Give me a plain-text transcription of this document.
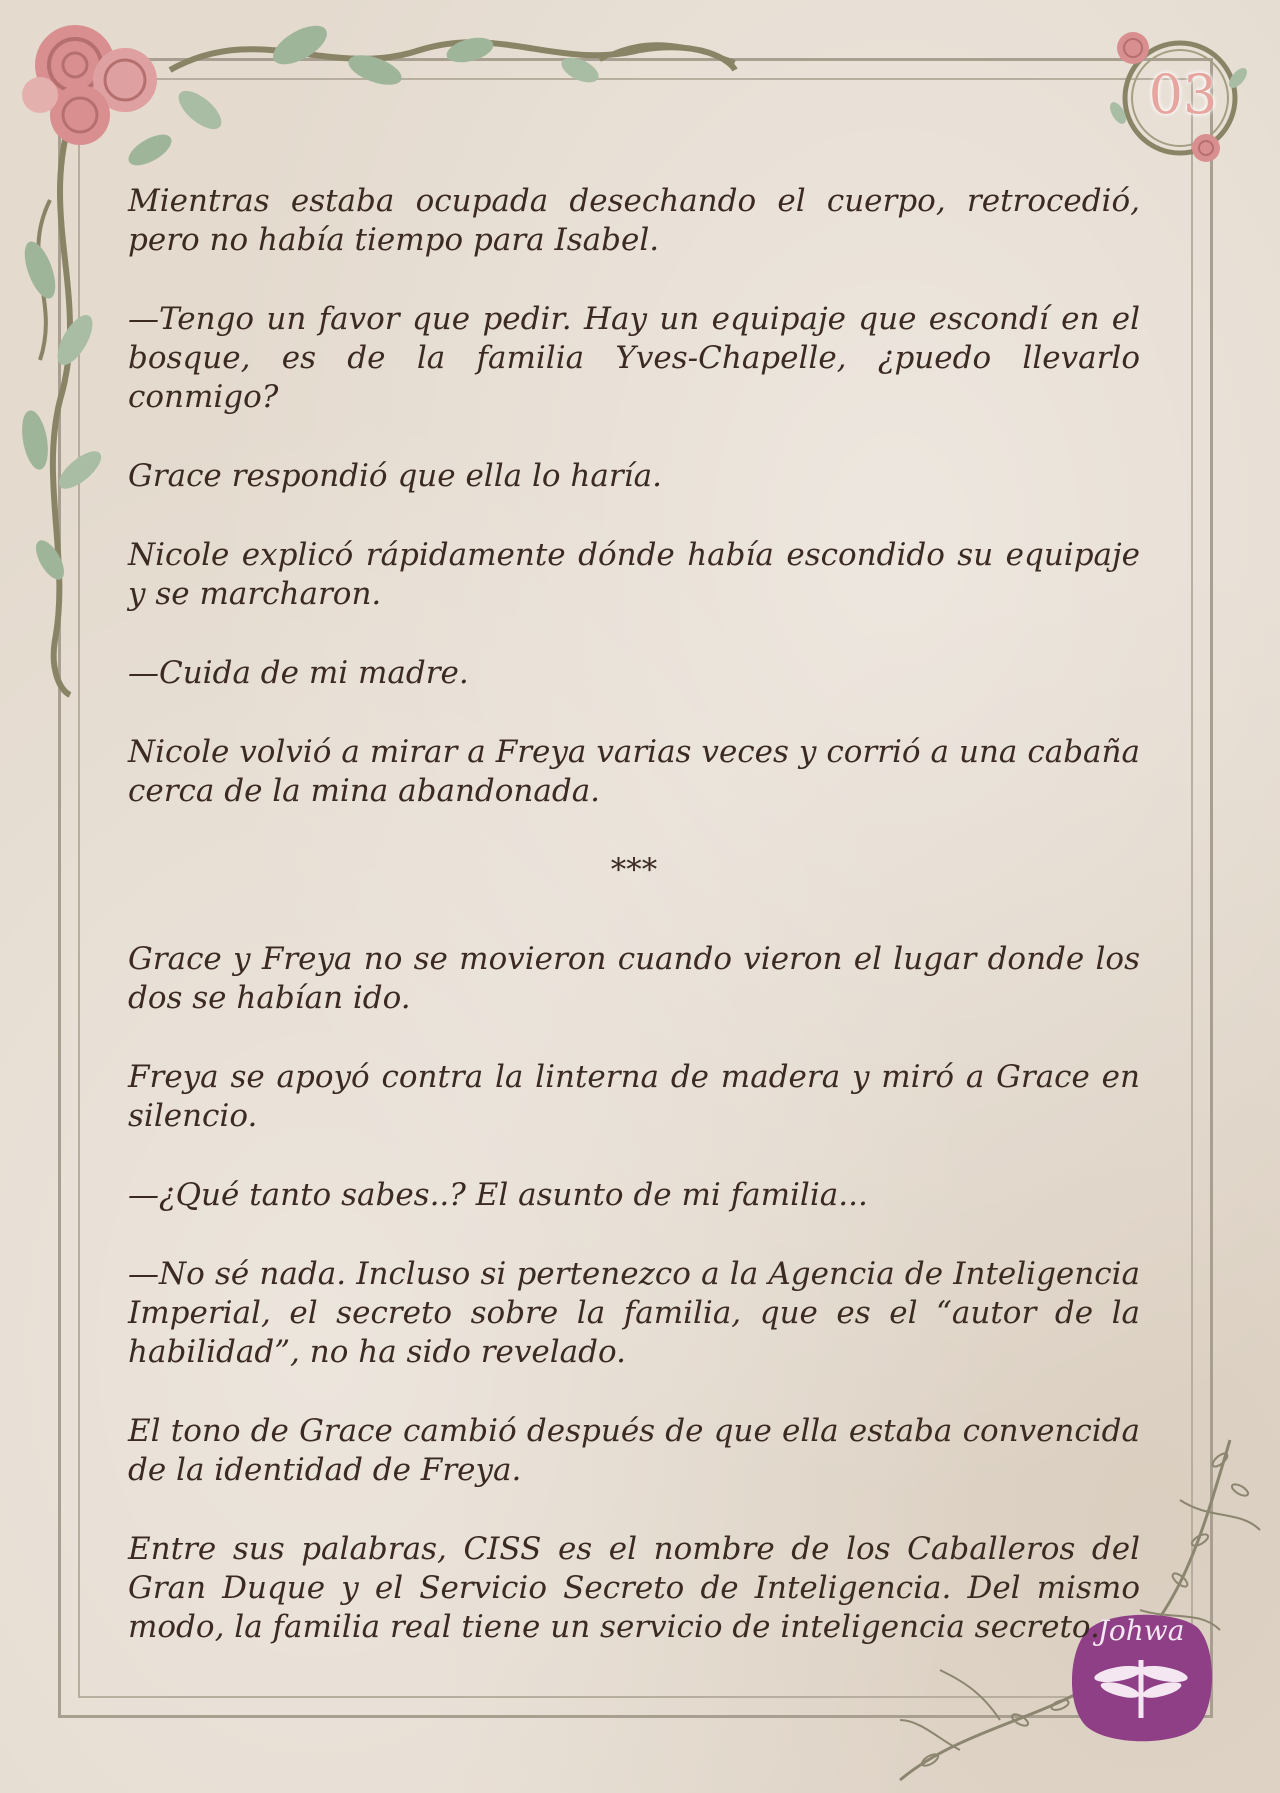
03
Johwa

Mientras estaba ocupada desechando el cuerpo, retrocedió, pero no había tiempo para Isabel.

—Tengo un favor que pedir. Hay un equipaje que escondí en el bosque, es de la familia Yves-Chapelle, ¿puedo llevarlo conmigo?

Grace respondió que ella lo haría.

Nicole explicó rápidamente dónde había escondido su equipaje y se marcharon.

—Cuida de mi madre.

Nicole volvió a mirar a Freya varias veces y corrió a una cabaña cerca de la mina abandonada.

***

Grace y Freya no se movieron cuando vieron el lugar donde los dos se habían ido.

Freya se apoyó contra la linterna de madera y miró a Grace en silencio.

—¿Qué tanto sabes..? El asunto de mi familia...

—No sé nada. Incluso si pertenezco a la Agencia de Inteligencia Imperial, el secreto sobre la familia, que es el “autor de la habilidad”, no ha sido revelado.

El tono de Grace cambió después de que ella estaba convencida de la identidad de Freya.

Entre sus palabras, CISS es el nombre de los Caballeros del Gran Duque y el Servicio Secreto de Inteligencia. Del mismo modo, la familia real tiene un servicio de inteligencia secreto.
